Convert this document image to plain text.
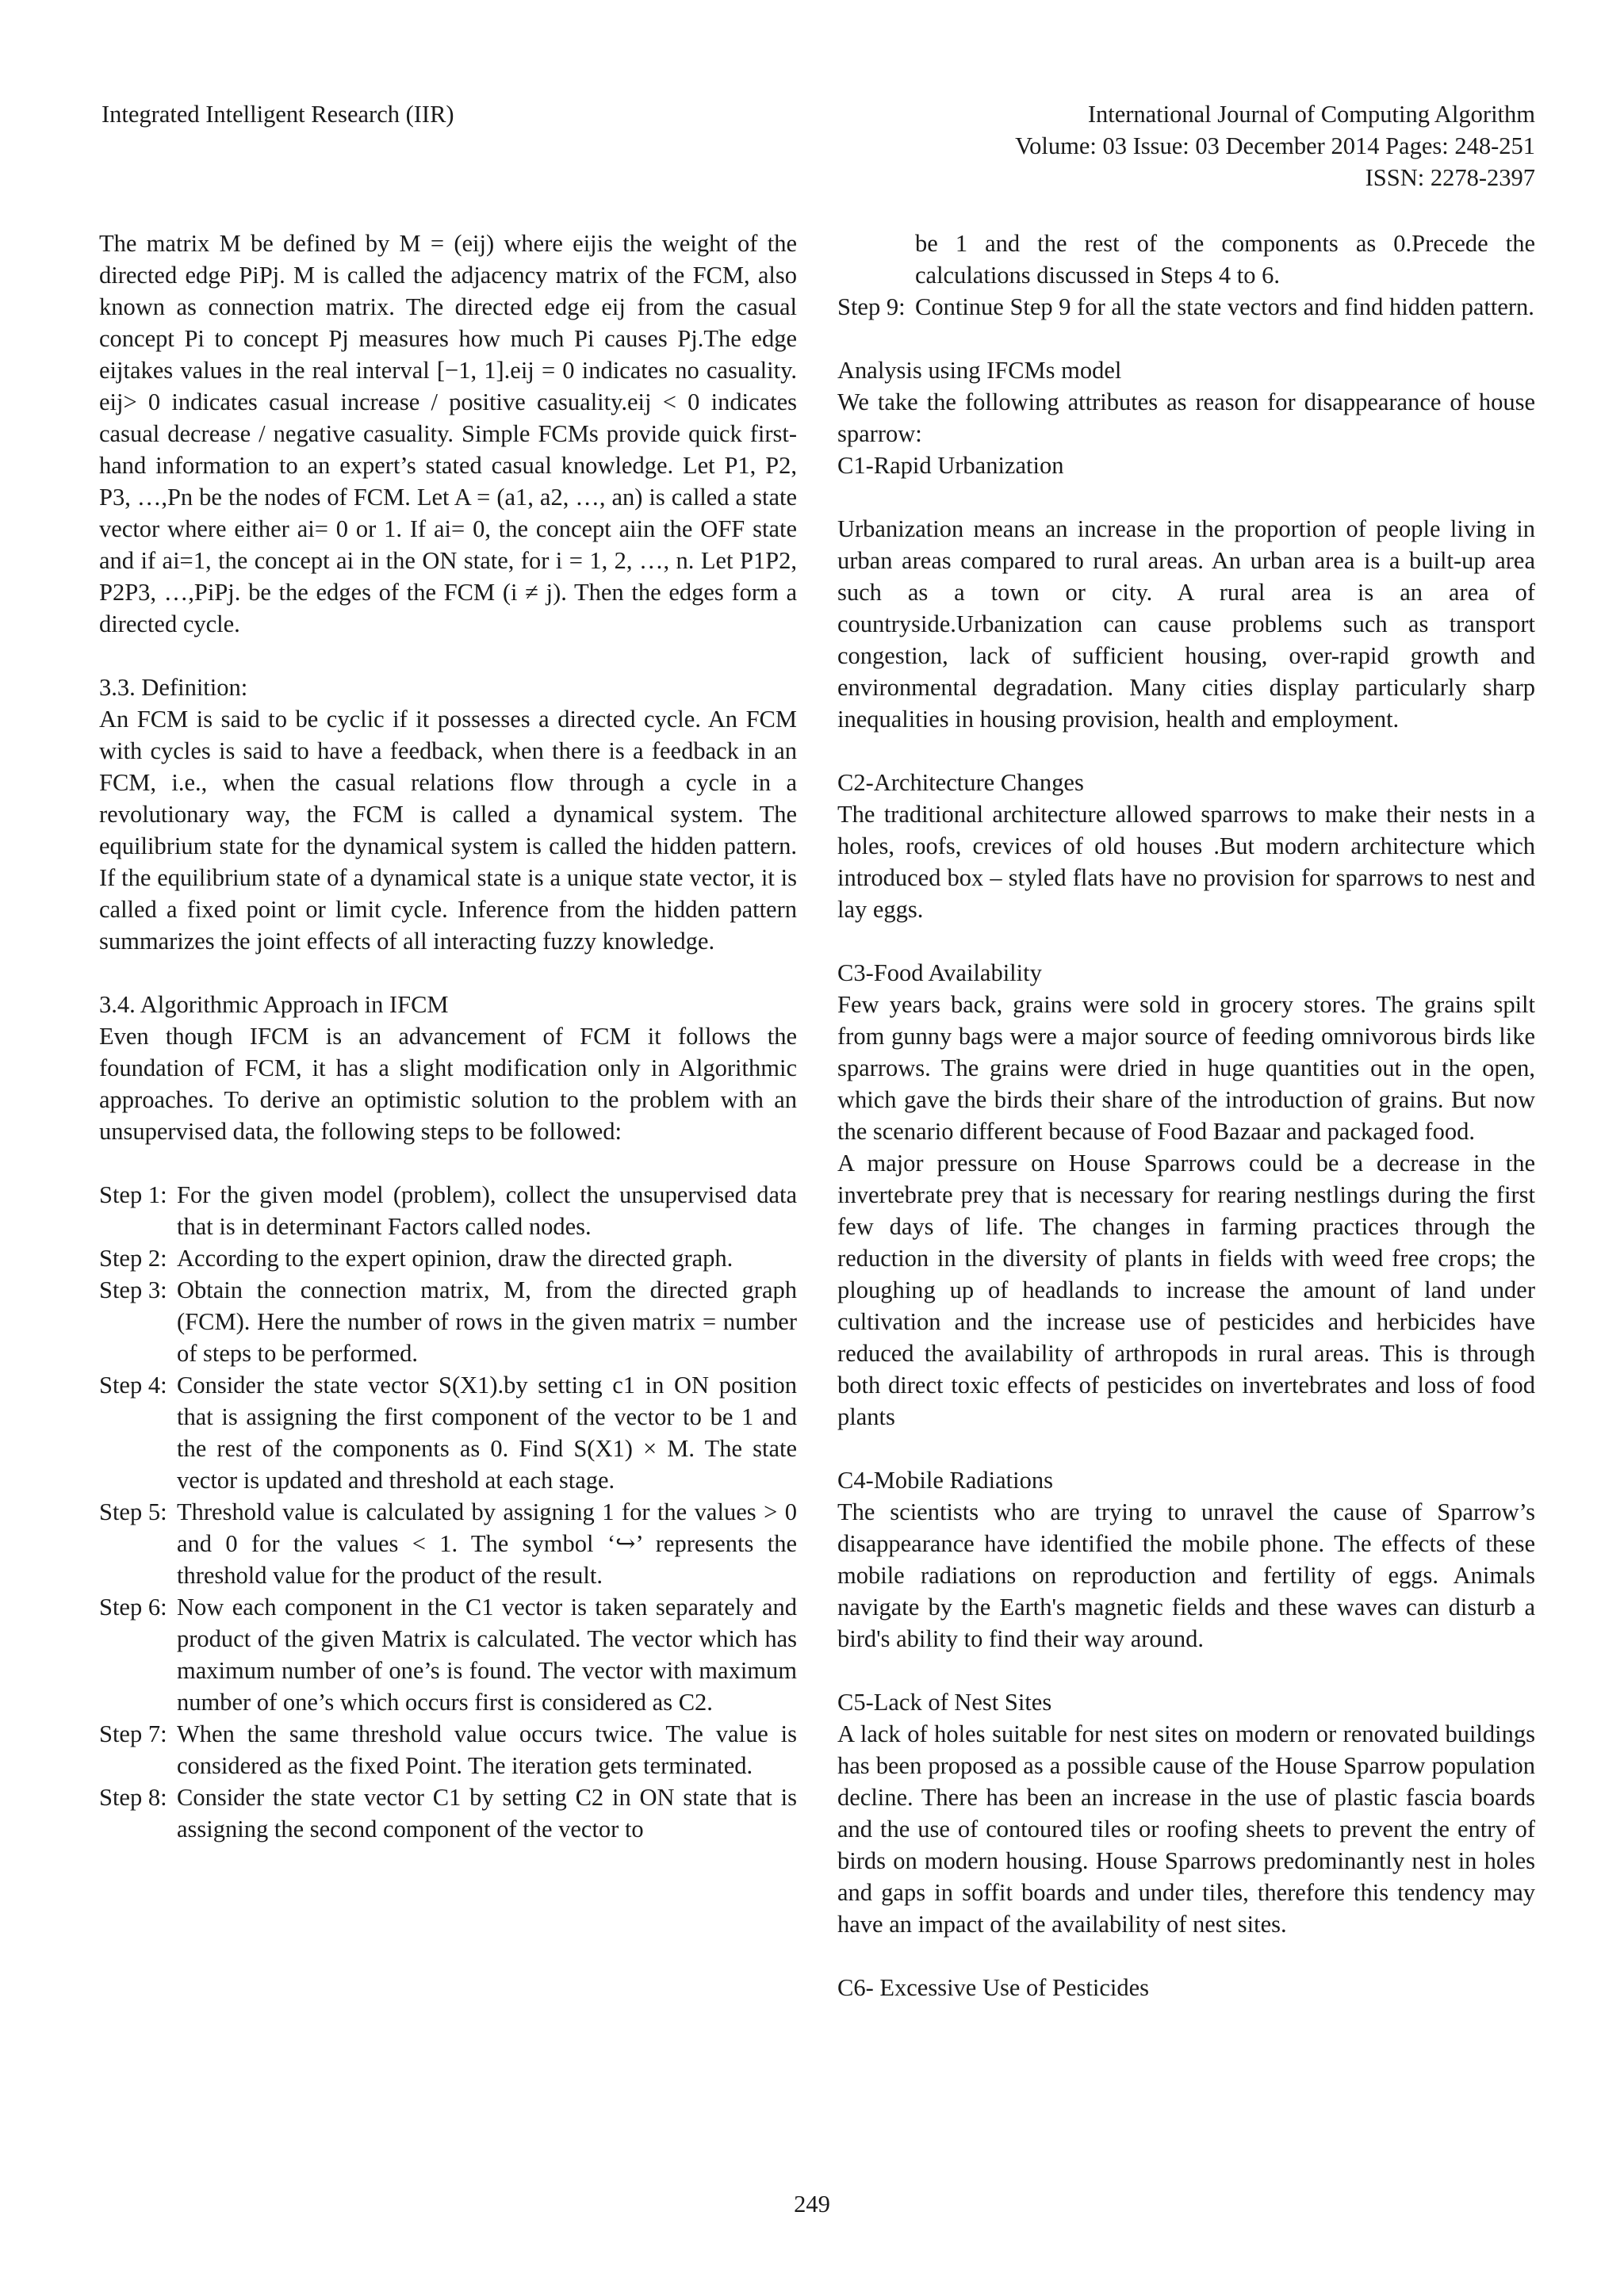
Integrated Intelligent Research (IIR)	International Journal of Computing Algorithm
Volume: 03 Issue: 03 December 2014 Pages: 248-251
ISSN: 2278-2397

The matrix M be defined by M = (eij) where eijis the weight of the directed edge PiPj. M is called the adjacency matrix of the FCM, also known as connection matrix. The directed edge eij from the casual concept Pi to concept Pj measures how much Pi causes Pj.The edge eijtakes values in the real interval [−1, 1].eij = 0 indicates no casuality. eij> 0 indicates casual increase / positive casuality.eij < 0 indicates casual decrease / negative casuality. Simple FCMs provide quick first-hand information to an expert’s stated casual knowledge. Let P1, P2, P3, …,Pn be the nodes of FCM. Let A = (a1, a2, …, an) is called a state vector where either ai= 0 or 1. If ai= 0, the concept aiin the OFF state and if ai=1, the concept ai in the ON state, for i = 1, 2, …, n. Let P1P2, P2P3, …,PiPj. be the edges of the FCM (i ≠ j). Then the edges form a directed cycle.

3.3. Definition:

An FCM is said to be cyclic if it possesses a directed cycle. An FCM with cycles is said to have a feedback, when there is a feedback in an FCM, i.e., when the casual relations flow through a cycle in a revolutionary way, the FCM is called a dynamical system. The equilibrium state for the dynamical system is called the hidden pattern. If the equilibrium state of a dynamical state is a unique state vector, it is called a fixed point or limit cycle. Inference from the hidden pattern summarizes the joint effects of all interacting fuzzy knowledge.

3.4. Algorithmic Approach in IFCM

Even though IFCM is an advancement of FCM it follows the foundation of FCM, it has a slight modification only in Algorithmic approaches. To derive an optimistic solution to the problem with an unsupervised data, the following steps to be followed:

Step 1: For the given model (problem), collect the unsupervised data that is in determinant Factors called nodes.
Step 2: According to the expert opinion, draw the directed graph.
Step 3: Obtain the connection matrix, M, from the directed graph (FCM). Here the number of rows in the given matrix = number of steps to be performed.
Step 4: Consider the state vector S(X1).by setting c1 in ON position that is assigning the first component of the vector to be 1 and the rest of the components as 0. Find S(X1) × M. The state vector is updated and threshold at each stage.
Step 5: Threshold value is calculated by assigning 1 for the values > 0 and 0 for the values < 1. The symbol ‘↪’ represents the threshold value for the product of the result.
Step 6: Now each component in the C1 vector is taken separately and product of the given Matrix is calculated. The vector which has maximum number of one’s is found. The vector with maximum number of one’s which occurs first is considered as C2.
Step 7: When the same threshold value occurs twice. The value is considered as the fixed Point. The iteration gets terminated.
Step 8: Consider the state vector C1 by setting C2 in ON state that is assigning the second component of the vector to
be 1 and the rest of the components as 0.Precede the calculations discussed in Steps 4 to 6.
Step 9: Continue Step 9 for all the state vectors and find hidden pattern.

Analysis using IFCMs model

We take the following attributes as reason for disappearance of house sparrow:

C1-Rapid Urbanization

Urbanization means an increase in the proportion of people living in urban areas compared to rural areas. An urban area is a built-up area such as a town or city. A rural area is an area of countryside.Urbanization can cause problems such as transport congestion, lack of sufficient housing, over-rapid growth and environmental degradation. Many cities display particularly sharp inequalities in housing provision, health and employment.

C2-Architecture Changes

The traditional architecture allowed sparrows to make their nests in a holes, roofs, crevices of old houses .But modern architecture which introduced box – styled flats have no provision for sparrows to nest and lay eggs.

C3-Food Availability

Few years back, grains were sold in grocery stores. The grains spilt from gunny bags were a major source of feeding omnivorous birds like sparrows. The grains were dried in huge quantities out in the open, which gave the birds their share of the introduction of grains. But now the scenario different because of Food Bazaar and packaged food.

A major pressure on House Sparrows could be a decrease in the invertebrate prey that is necessary for rearing nestlings during the first few days of life. The changes in farming practices through the reduction in the diversity of plants in fields with weed free crops; the ploughing up of headlands to increase the amount of land under cultivation and the increase use of pesticides and herbicides have reduced the availability of arthropods in rural areas. This is through both direct toxic effects of pesticides on invertebrates and loss of food plants

C4-Mobile Radiations

The scientists who are trying to unravel the cause of Sparrow’s disappearance have identified the mobile phone. The effects of these mobile radiations on reproduction and fertility of eggs. Animals navigate by the Earth's magnetic fields and these waves can disturb a bird's ability to find their way around.

C5-Lack of Nest Sites

A lack of holes suitable for nest sites on modern or renovated buildings has been proposed as a possible cause of the House Sparrow population decline. There has been an increase in the use of plastic fascia boards and the use of contoured tiles or roofing sheets to prevent the entry of birds on modern housing. House Sparrows predominantly nest in holes and gaps in soffit boards and under tiles, therefore this tendency may have an impact of the availability of nest sites.

C6- Excessive Use of Pesticides

249
